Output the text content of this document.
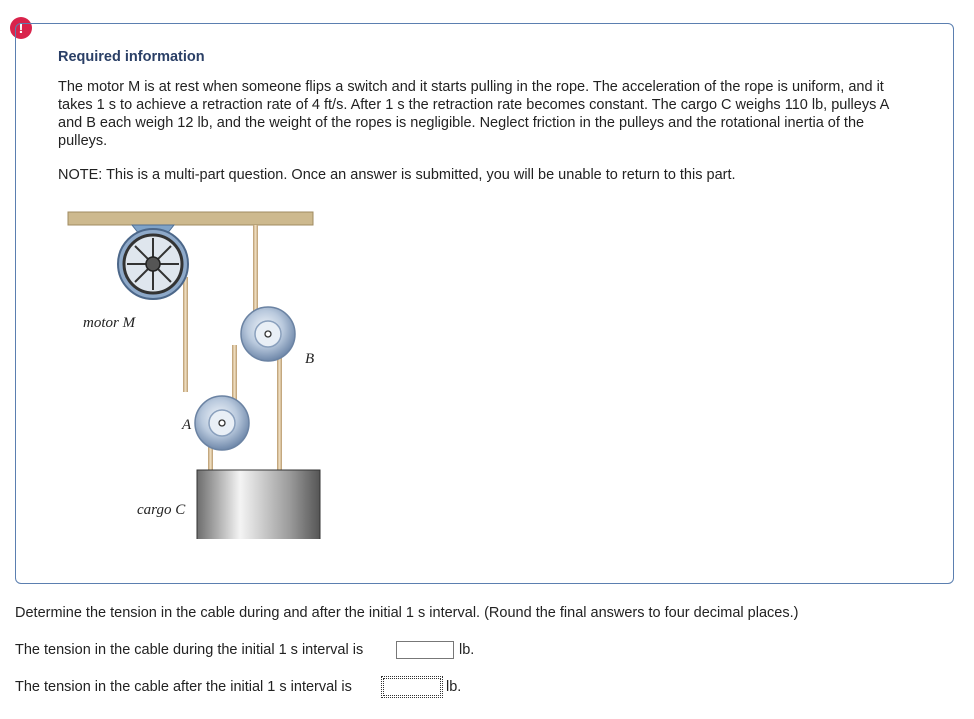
!
Required information
The motor M is at rest when someone flips a switch and it starts pulling in the rope. The acceleration of the rope is uniform, and it takes 1 s to achieve a retraction rate of 4 ft/s. After 1 s the retraction rate becomes constant. The cargo C weighs 110 lb, pulleys A and B each weigh 12 lb, and the weight of the ropes is negligible. Neglect friction in the pulleys and the rotational inertia of the pulleys.
NOTE: This is a multi-part question. Once an answer is submitted, you will be unable to return to this part.
motor M
B
A
cargo C
Determine the tension in the cable during and after the initial 1 s interval. (Round the final answers to four decimal places.)
The tension in the cable during the initial 1 s interval is	lb.
The tension in the cable after the initial 1 s interval is	lb.
